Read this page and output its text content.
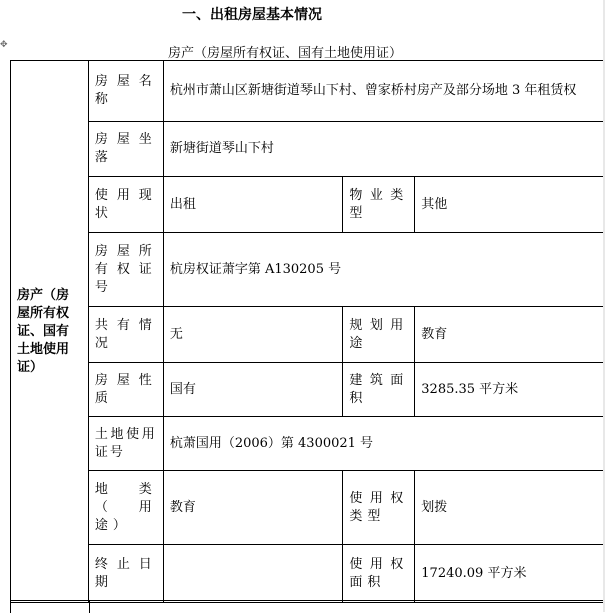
一、出租房屋基本情况
✥
房产（房屋所有权证、国有土地使用证）
房产（房屋所有权证、国有土地使用证）	房屋名称	杭州市萧山区新塘街道琴山下村、曾家桥村房产及部分场地 3 年租赁权		
	房屋坐落	新塘街道琴山下村		
	使用现状	出租	物业类型	其他
	房屋所有权证号	杭房权证萧字第 A130205 号		
	共有情况	无	规划用途	教育
	房屋性质	国有	建筑面积	3285.35 平方米
	土地使用证号	杭萧国用（2006）第 4300021 号		
	地类（用途）	教育	使用权类型	划拨
	终止日期		使用权面积	17240.09 平方米
